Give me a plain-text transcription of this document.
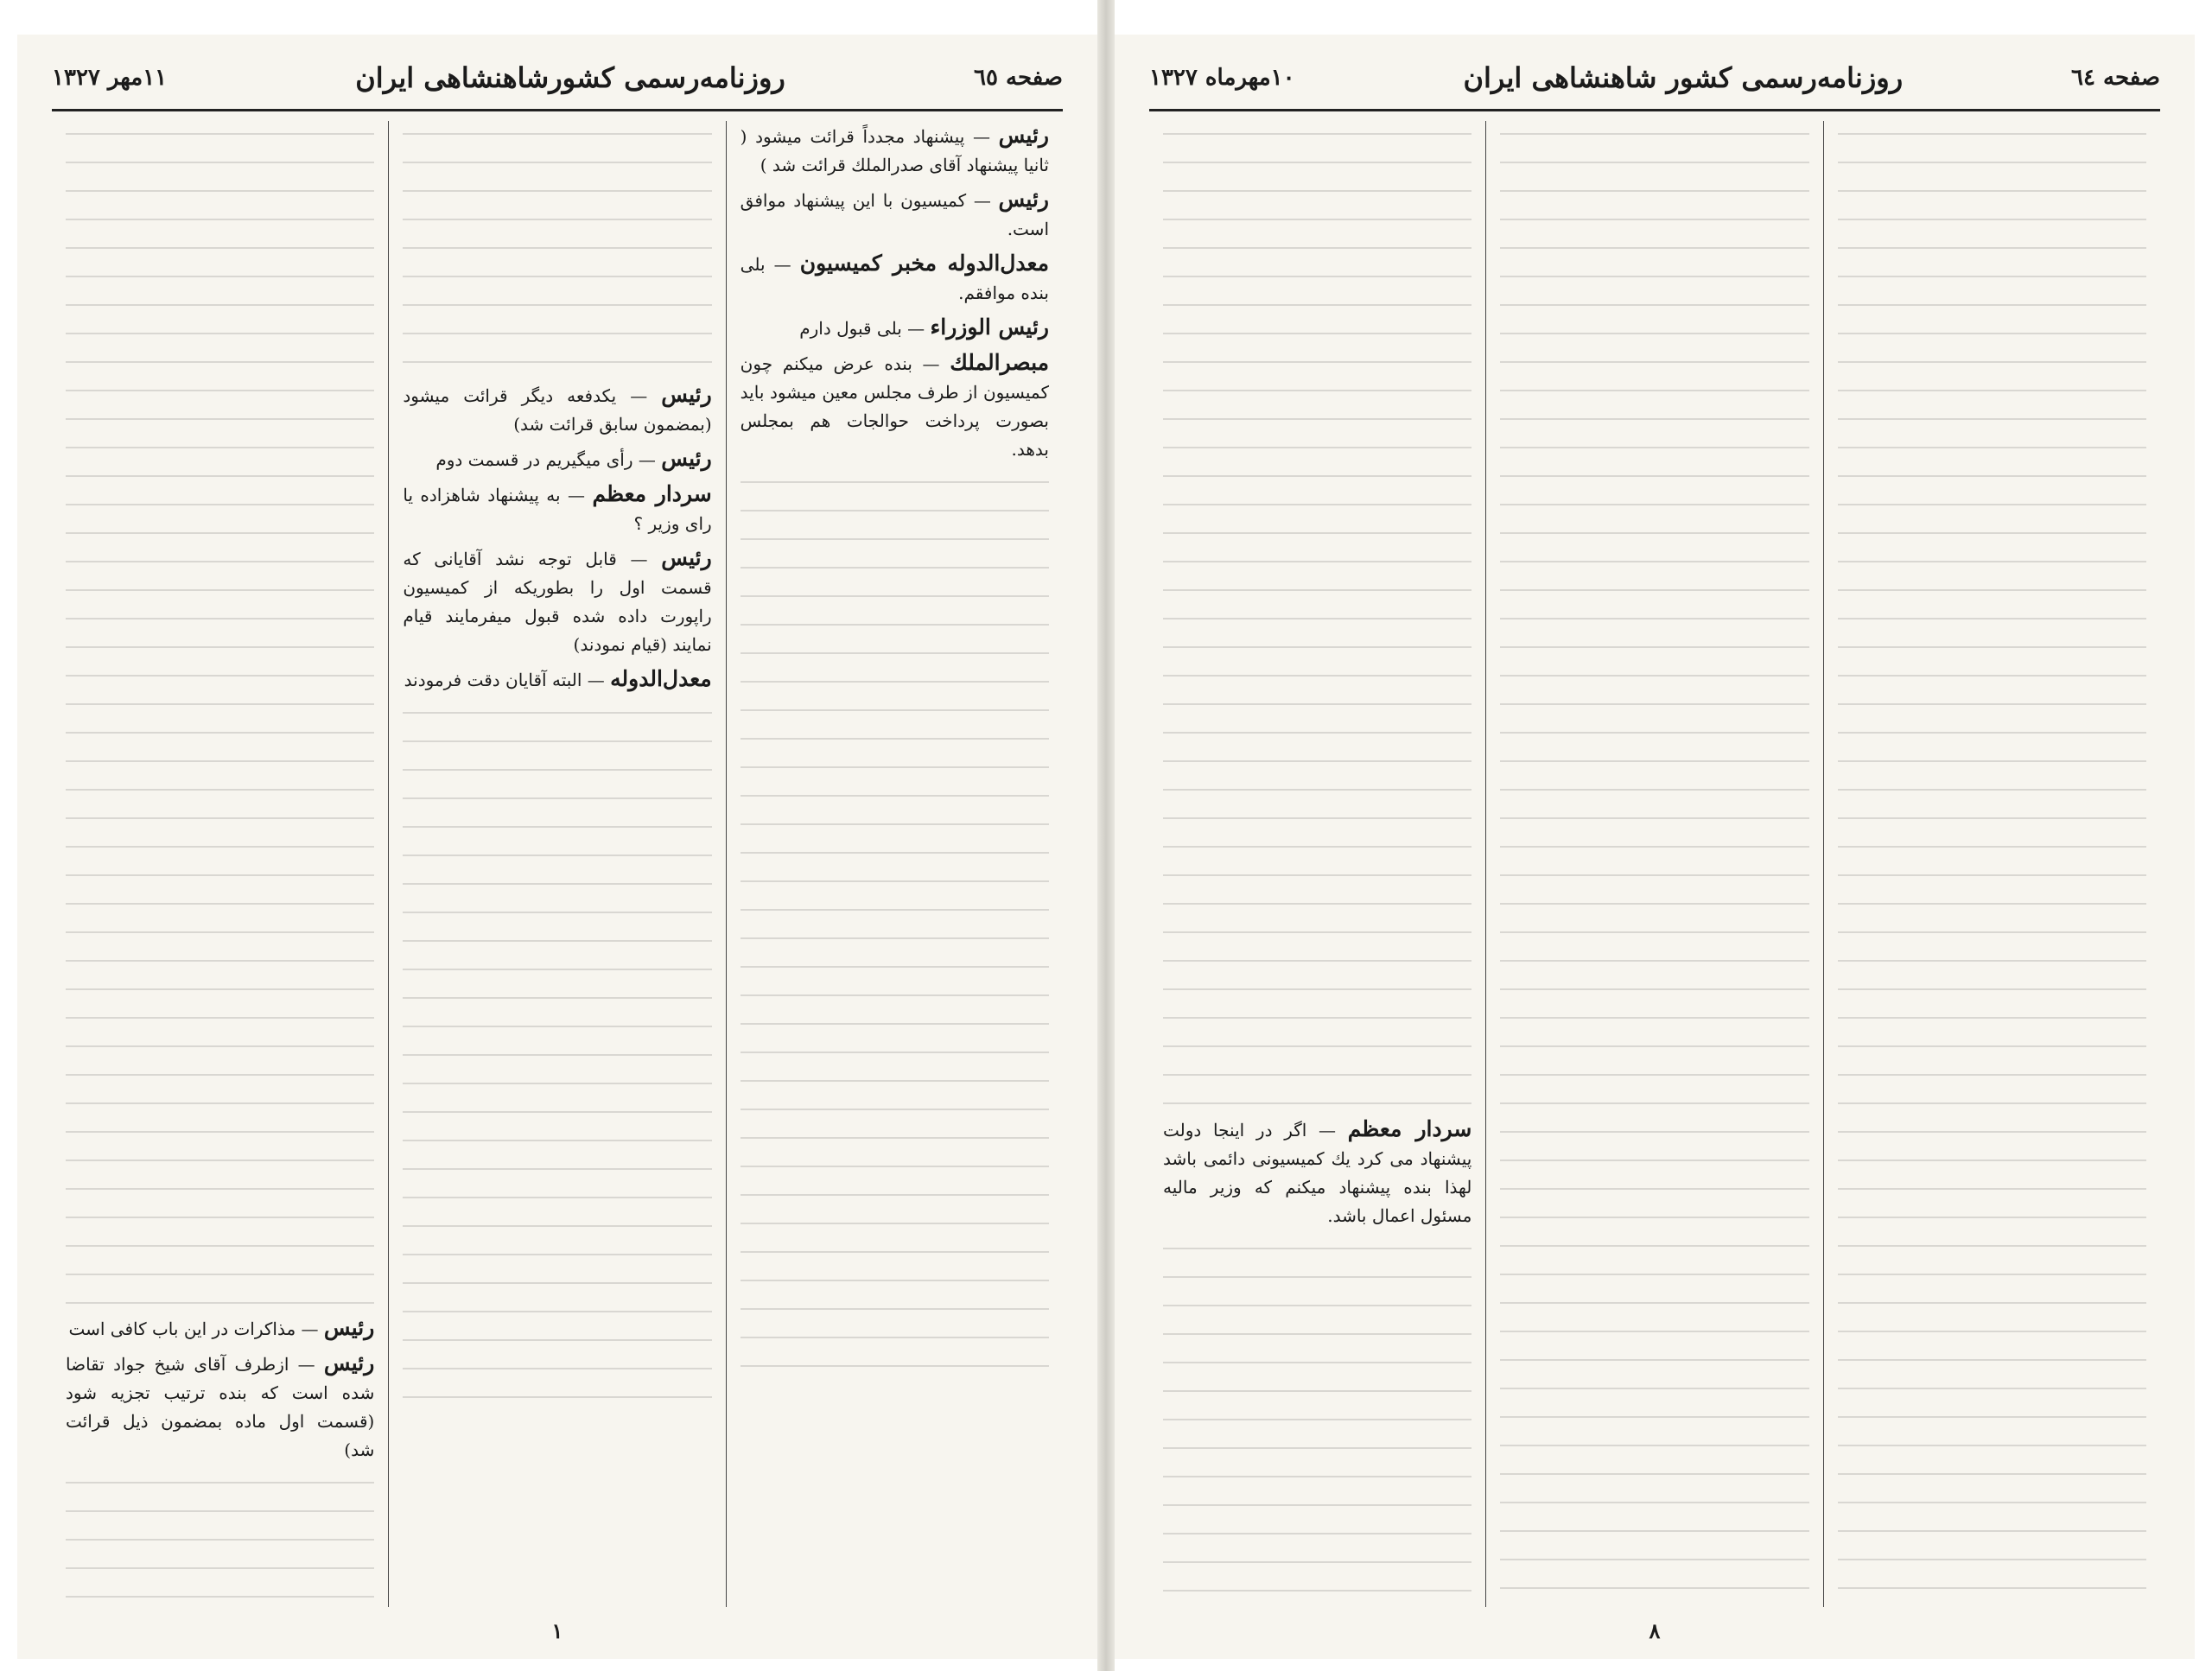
صفحه ٦٥
روزنامه‌رسمی کشورشاهنشاهی ایران
١١مهر ١٣٢٧

رئیس — پیشنهاد مجدداً قرائت میشود ( ثانیا پیشنهاد آقای صدرالملك قرائت شد )

رئیس — کمیسیون با این پیشنهاد موافق است.

معدل‌الدوله مخبر کمیسیون — بلی بنده موافقم.

رئیس الوزراء — بلی قبول دارم

مبصرالملك — بنده عرض میکنم چون کمیسیون از طرف مجلس معین میشود باید بصورت پرداخت حوالجات هم بمجلس بدهد.

رئیس — یکدفعه دیگر قرائت میشود (بمضمون سابق قرائت شد)

رئیس — رأی میگیریم در قسمت دوم

سردار معظم — به پیشنهاد شاهزاده یا رای وزیر ؟

رئیس — قابل توجه نشد آقایانی که قسمت اول را بطوریکه از کمیسیون راپورت داده شده قبول میفرمایند قیام نمایند (قیام نمودند)

معدل‌الدوله — البته آقایان دقت فرمودند

رئیس — مذاکرات در این باب کافی است

رئیس — ازطرف آقای شیخ جواد تقاضا شده است که بنده ترتیب تجزیه شود (قسمت اول ماده بمضمون ذیل قرائت شد)

١
صفحه ٦٤
روزنامه‌رسمی کشور شاهنشاهی ایران
١٠مهرماه ١٣٢٧

سردار معظم — اگر در اینجا دولت پیشنهاد می کرد یك کمیسیونی دائمی باشد لهذا بنده پیشنهاد میکنم که وزیر مالیه مسئول اعمال باشد.

٨
